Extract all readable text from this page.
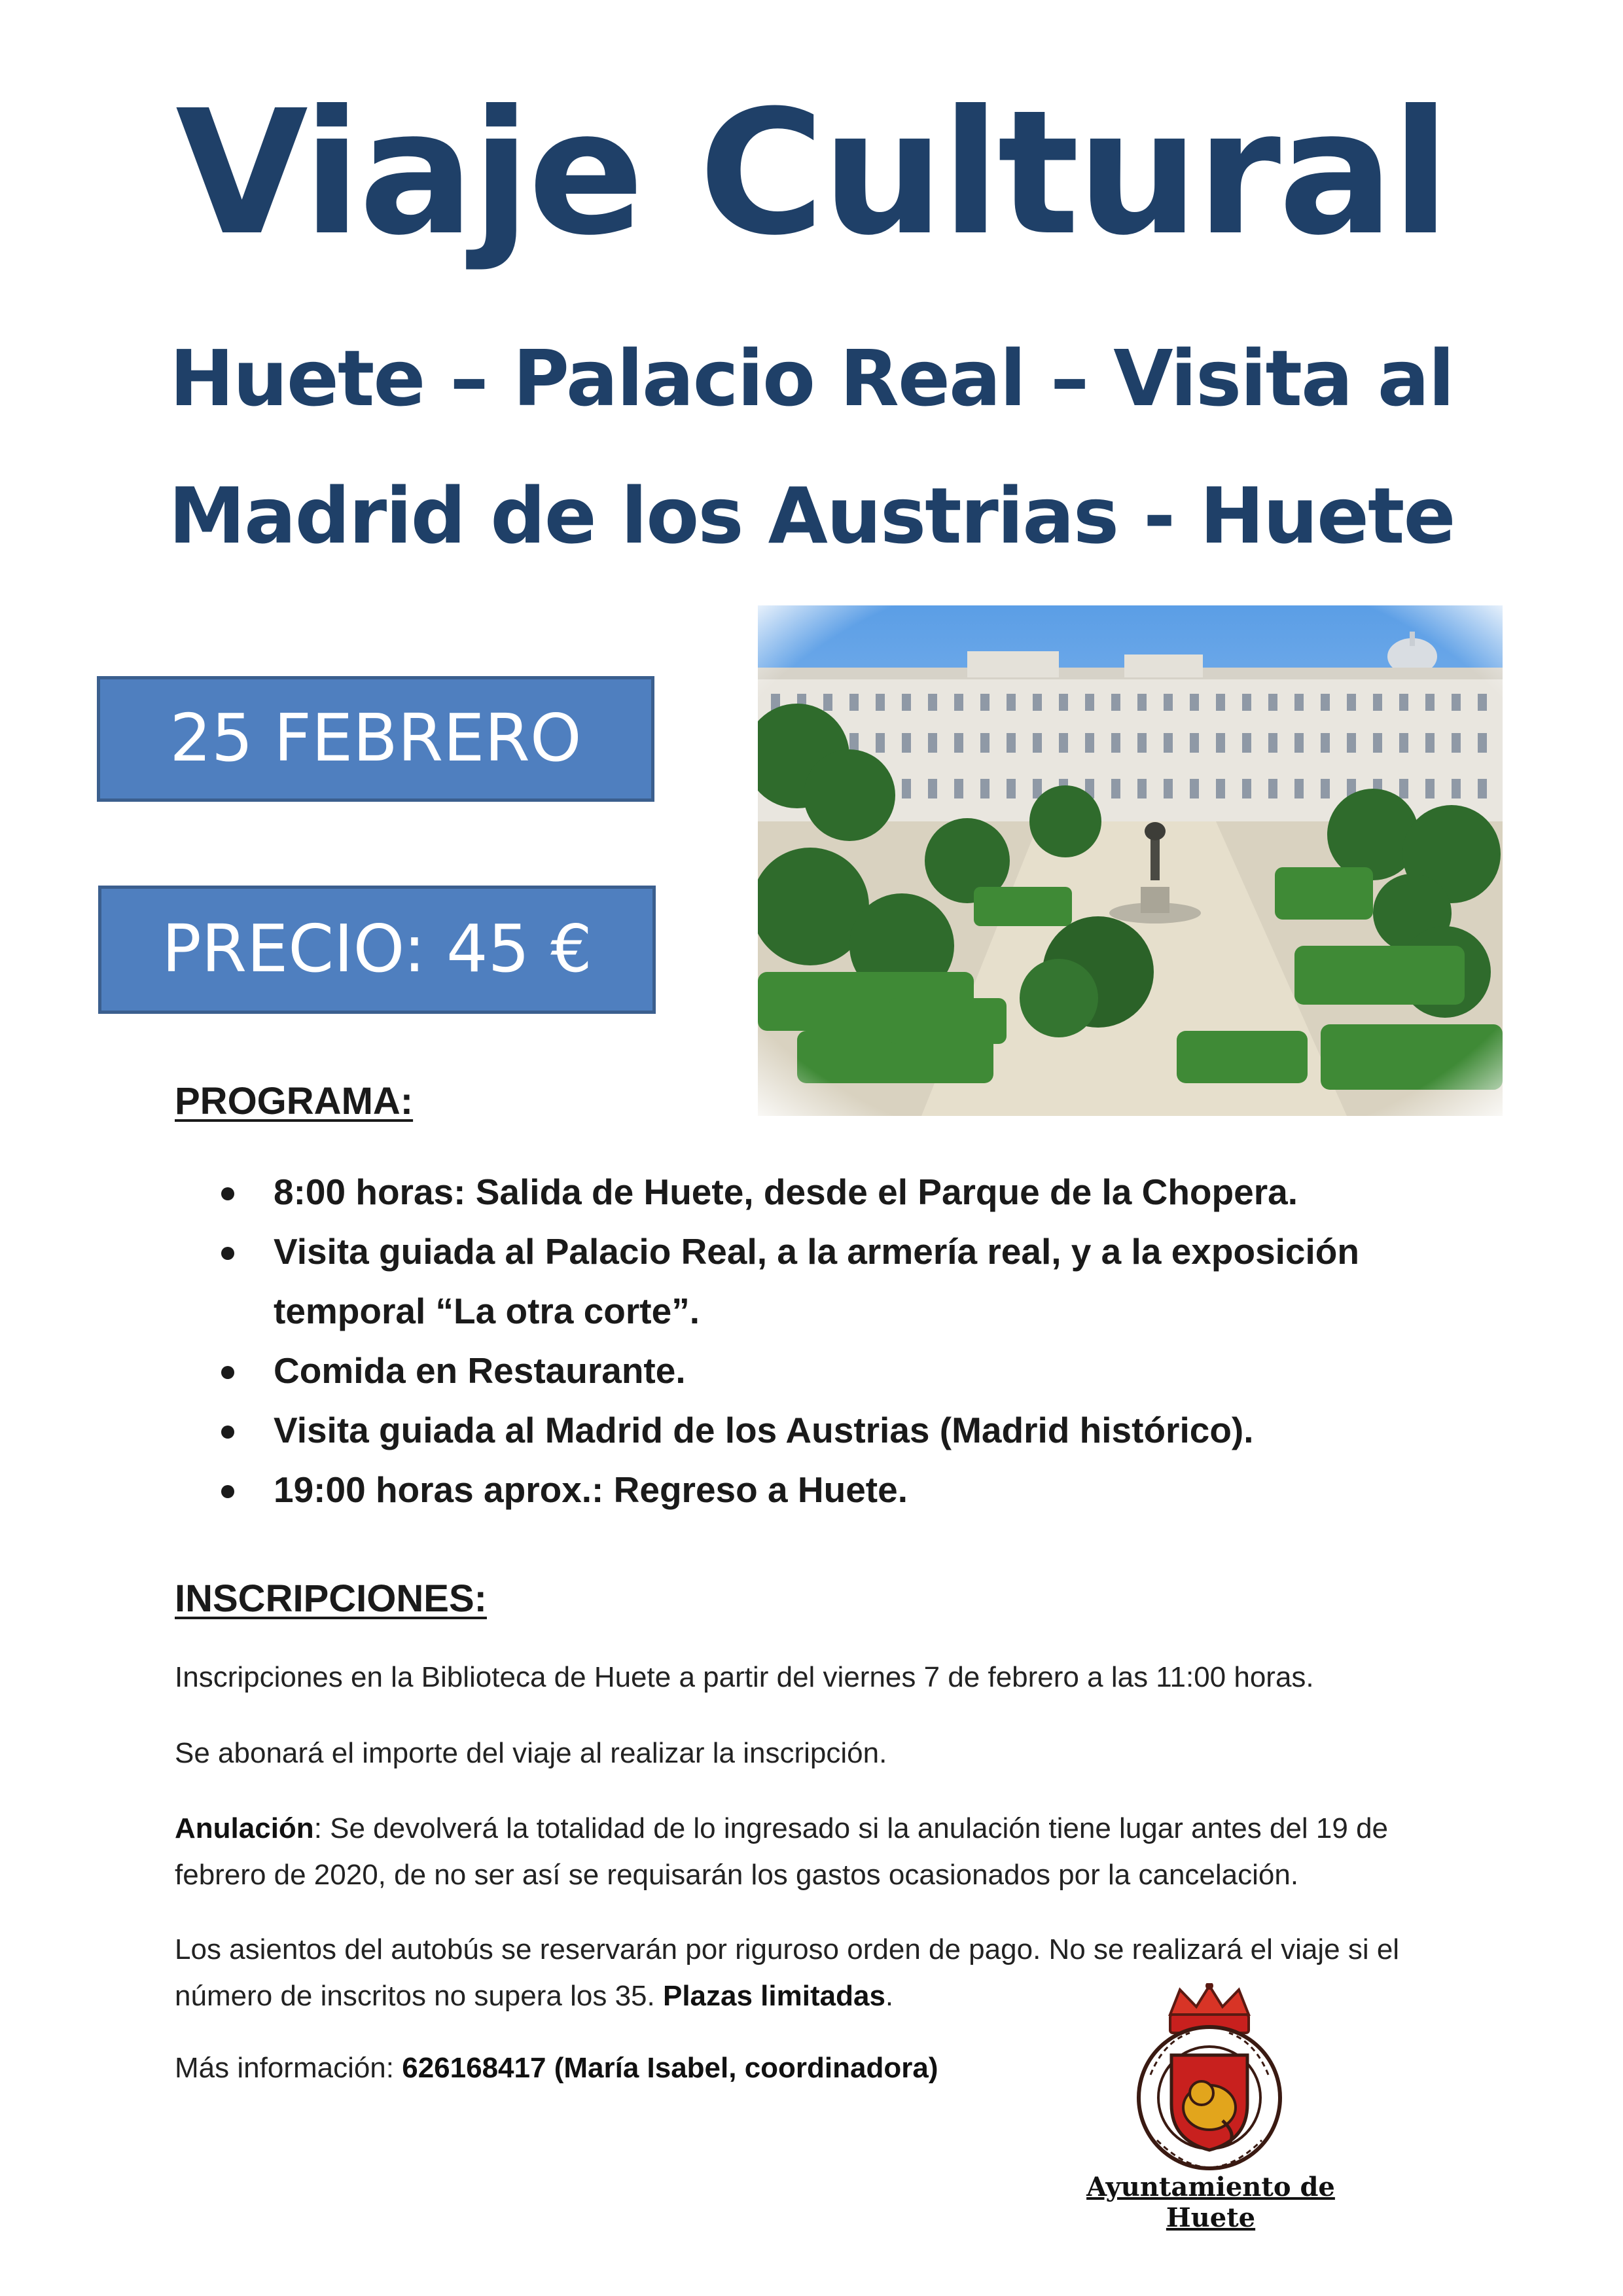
Viaje Cultural
Huete – Palacio Real – Visita al
Madrid de los Austrias - Huete
25 FEBRERO
PRECIO: 45 €
PROGRAMA:
8:00 horas: Salida de Huete, desde el Parque de la Chopera.
Visita guiada al Palacio Real, a la armería real, y a la exposición temporal “La otra corte”.
Comida en Restaurante.
Visita guiada al Madrid de los Austrias (Madrid histórico).
19:00 horas aprox.: Regreso a Huete.
INSCRIPCIONES:
Inscripciones en la Biblioteca de Huete a partir del viernes 7 de febrero a las 11:00 horas.
Se abonará el importe del viaje al realizar la inscripción.
Anulación: Se devolverá la totalidad de lo ingresado si la anulación tiene lugar antes del 19 de febrero de 2020, de no ser así se requisarán los gastos ocasionados por la cancelación.
Los asientos del autobús se reservarán por riguroso orden de pago. No se realizará el viaje si el número de inscritos no supera los 35. Plazas limitadas.
Más información: 626168417 (María Isabel, coordinadora)
Ayuntamiento de Huete
